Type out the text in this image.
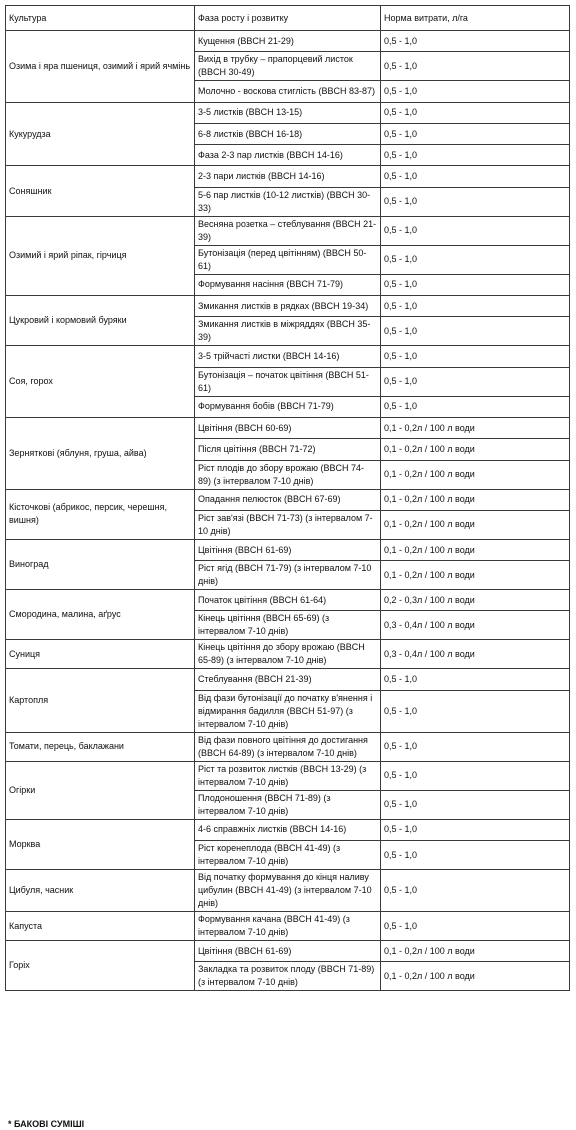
Культура	Фаза росту і розвитку	Норма витрати, л/га
Озима і яра пшениця, озимий і ярий ячмінь	Кущення (BBCH 21-29)	0,5 - 1,0
	Вихід в трубку – прапорцевий листок (BBCH 30-49)	0,5 - 1,0
	Молочно - воскова стиглість (BBCH 83-87)	0,5 - 1,0
Кукурудза	3-5 листків (BBCH 13-15)	0,5 - 1,0
	6-8 листків (BBCH 16-18)	0,5 - 1,0
	Фаза 2-3 пар листків (BBCH 14-16)	0,5 - 1,0
Соняшник	2-3 пари листків (BBCH 14-16)	0,5 - 1,0
	5-6 пар листків (10-12 листків) (BBCH 30-33)	0,5 - 1,0
Озимий і ярий ріпак, гірчиця	Весняна розетка – стеблування (BBCH 21-39)	0,5 - 1,0
	Бутонізація (перед цвітінням) (BBCH 50-61)	0,5 - 1,0
	Формування насіння (BBCH 71-79)	0,5 - 1,0
Цукровий і кормовий буряки	Змикання листків в рядках (BBCH 19-34)	0,5 - 1,0
	Змикання листків в міжряддях (BBCH 35-39)	0,5 - 1,0
Соя, горох	3-5 трійчасті листки (BBCH 14-16)	0,5 - 1,0
	Бутонізація – початок цвітіння (BBCH 51-61)	0,5 - 1,0
	Формування бобів (BBCH 71-79)	0,5 - 1,0
Зерняткові (яблуня, груша, айва)	Цвітіння (BBCH 60-69)	0,1 - 0,2л / 100 л води
	Після цвітіння (BBCH 71-72)	0,1 - 0,2л / 100 л води
	Ріст плодів до збору врожаю (BBCH 74-89) (з інтервалом 7-10 днів)	0,1 - 0,2л / 100 л води
Кісточкові (абрикос, персик, черешня, вишня)	Опадання пелюсток (BBCH 67-69)	0,1 - 0,2л / 100 л води
	Ріст зав'язі (BBCH 71-73) (з інтервалом 7-10 днів)	0,1 - 0,2л / 100 л води
Виноград	Цвітіння (BBCH 61-69)	0,1 - 0,2л / 100 л води
	Ріст ягід (BBCH 71-79) (з інтервалом 7-10 днів)	0,1 - 0,2л / 100 л води
Смородина, малина, аґрус	Початок цвітіння (BBCH 61-64)	0,2 - 0,3л / 100 л води
	Кінець цвітіння (BBCH 65-69) (з інтервалом 7-10 днів)	0,3 - 0,4л / 100 л води
Суниця	Кінець цвітіння до збору врожаю (BBCH 65-89) (з інтервалом 7-10 днів)	0,3 - 0,4л / 100 л води
Картопля	Стеблування (BBCH 21-39)	0,5 - 1,0
	Від фази бутонізації до початку в'янення і відмирання бадилля (BBCH 51-97) (з інтервалом 7-10 днів)	0,5 - 1,0
Томати, перець, баклажани	Від фази повного цвітіння до достигання (BBCH 64-89) (з інтервалом 7-10 днів)	0,5 - 1,0
Огірки	Ріст та розвиток листків (BBCH 13-29) (з інтервалом 7-10 днів)	0,5 - 1,0
	Плодоношення (BBCH 71-89) (з інтервалом 7-10 днів)	0,5 - 1,0
Морква	4-6 справжніх листків (BBCH 14-16)	0,5 - 1,0
	Ріст коренеплода (BBCH 41-49) (з інтервалом 7-10 днів)	0,5 - 1,0
Цибуля, часник	Від початку формування до кінця наливу цибулин (BBCH 41-49) (з інтервалом 7-10 днів)	0,5 - 1,0
Капуста	Формування качана (BBCH 41-49) (з інтервалом 7-10 днів)	0,5 - 1,0
Горіх	Цвітіння (BBCH 61-69)	0,1 - 0,2л / 100 л води
	Закладка та розвиток плоду (BBCH 71-89) (з інтервалом 7-10 днів)	0,1 - 0,2л / 100 л води
* БАКОВІ СУМІШІ
